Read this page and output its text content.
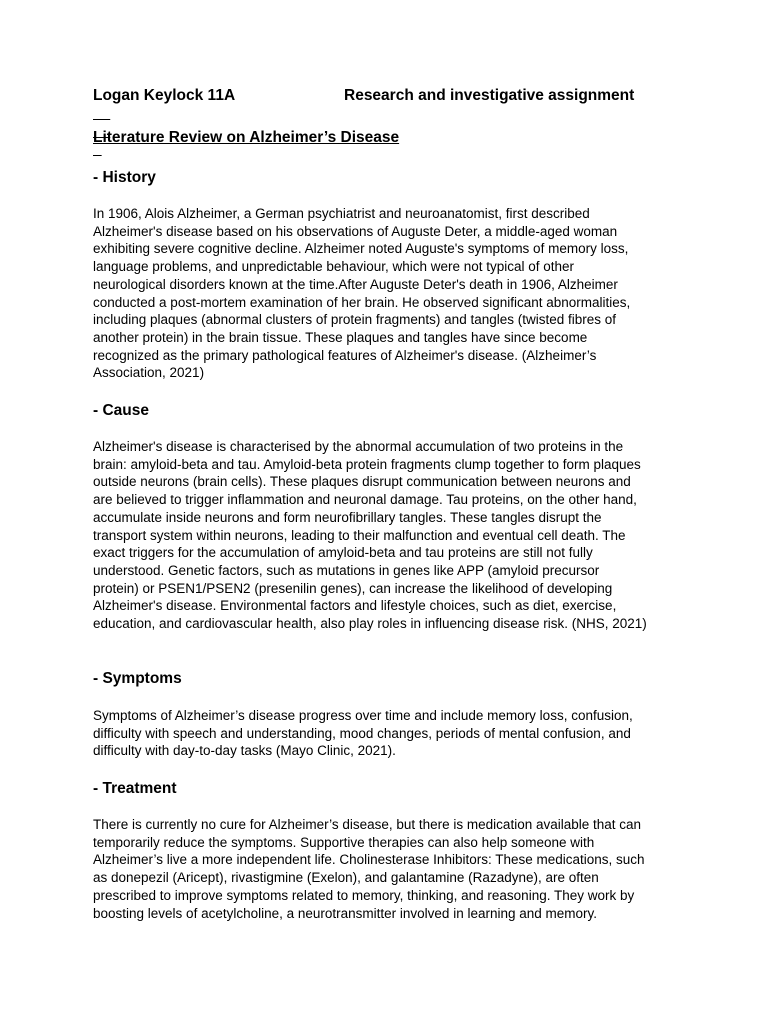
Logan Keylock 11A

	Research and investigative assignment

Literature Review on Alzheimer’s Disease
- History
In 1906, Alois Alzheimer, a German psychiatrist and neuroanatomist, first described
Alzheimer's disease based on his observations of Auguste Deter, a middle-aged woman
exhibiting severe cognitive decline. Alzheimer noted Auguste's symptoms of memory loss,
language problems, and unpredictable behaviour, which were not typical of other
neurological disorders known at the time.After Auguste Deter's death in 1906, Alzheimer
conducted a post-mortem examination of her brain. He observed significant abnormalities,
including plaques (abnormal clusters of protein fragments) and tangles (twisted fibres of
another protein) in the brain tissue. These plaques and tangles have since become
recognized as the primary pathological features of Alzheimer's disease. (Alzheimer’s
Association, 2021)
- Cause
Alzheimer's disease is characterised by the abnormal accumulation of two proteins in the
brain: amyloid-beta and tau. Amyloid-beta protein fragments clump together to form plaques
outside neurons (brain cells). These plaques disrupt communication between neurons and
are believed to trigger inflammation and neuronal damage. Tau proteins, on the other hand,
accumulate inside neurons and form neurofibrillary tangles. These tangles disrupt the
transport system within neurons, leading to their malfunction and eventual cell death. The
exact triggers for the accumulation of amyloid-beta and tau proteins are still not fully
understood. Genetic factors, such as mutations in genes like APP (amyloid precursor
protein) or PSEN1/PSEN2 (presenilin genes), can increase the likelihood of developing
Alzheimer's disease. Environmental factors and lifestyle choices, such as diet, exercise,
education, and cardiovascular health, also play roles in influencing disease risk. (NHS, 2021)
- Symptoms
Symptoms of Alzheimer’s disease progress over time and include memory loss, confusion,
difficulty with speech and understanding, mood changes, periods of mental confusion, and
difficulty with day-to-day tasks (Mayo Clinic, 2021).
- Treatment
There is currently no cure for Alzheimer’s disease, but there is medication available that can
temporarily reduce the symptoms. Supportive therapies can also help someone with
Alzheimer’s live a more independent life. Cholinesterase Inhibitors: These medications, such
as donepezil (Aricept), rivastigmine (Exelon), and galantamine (Razadyne), are often
prescribed to improve symptoms related to memory, thinking, and reasoning. They work by
boosting levels of acetylcholine, a neurotransmitter involved in learning and memory.
